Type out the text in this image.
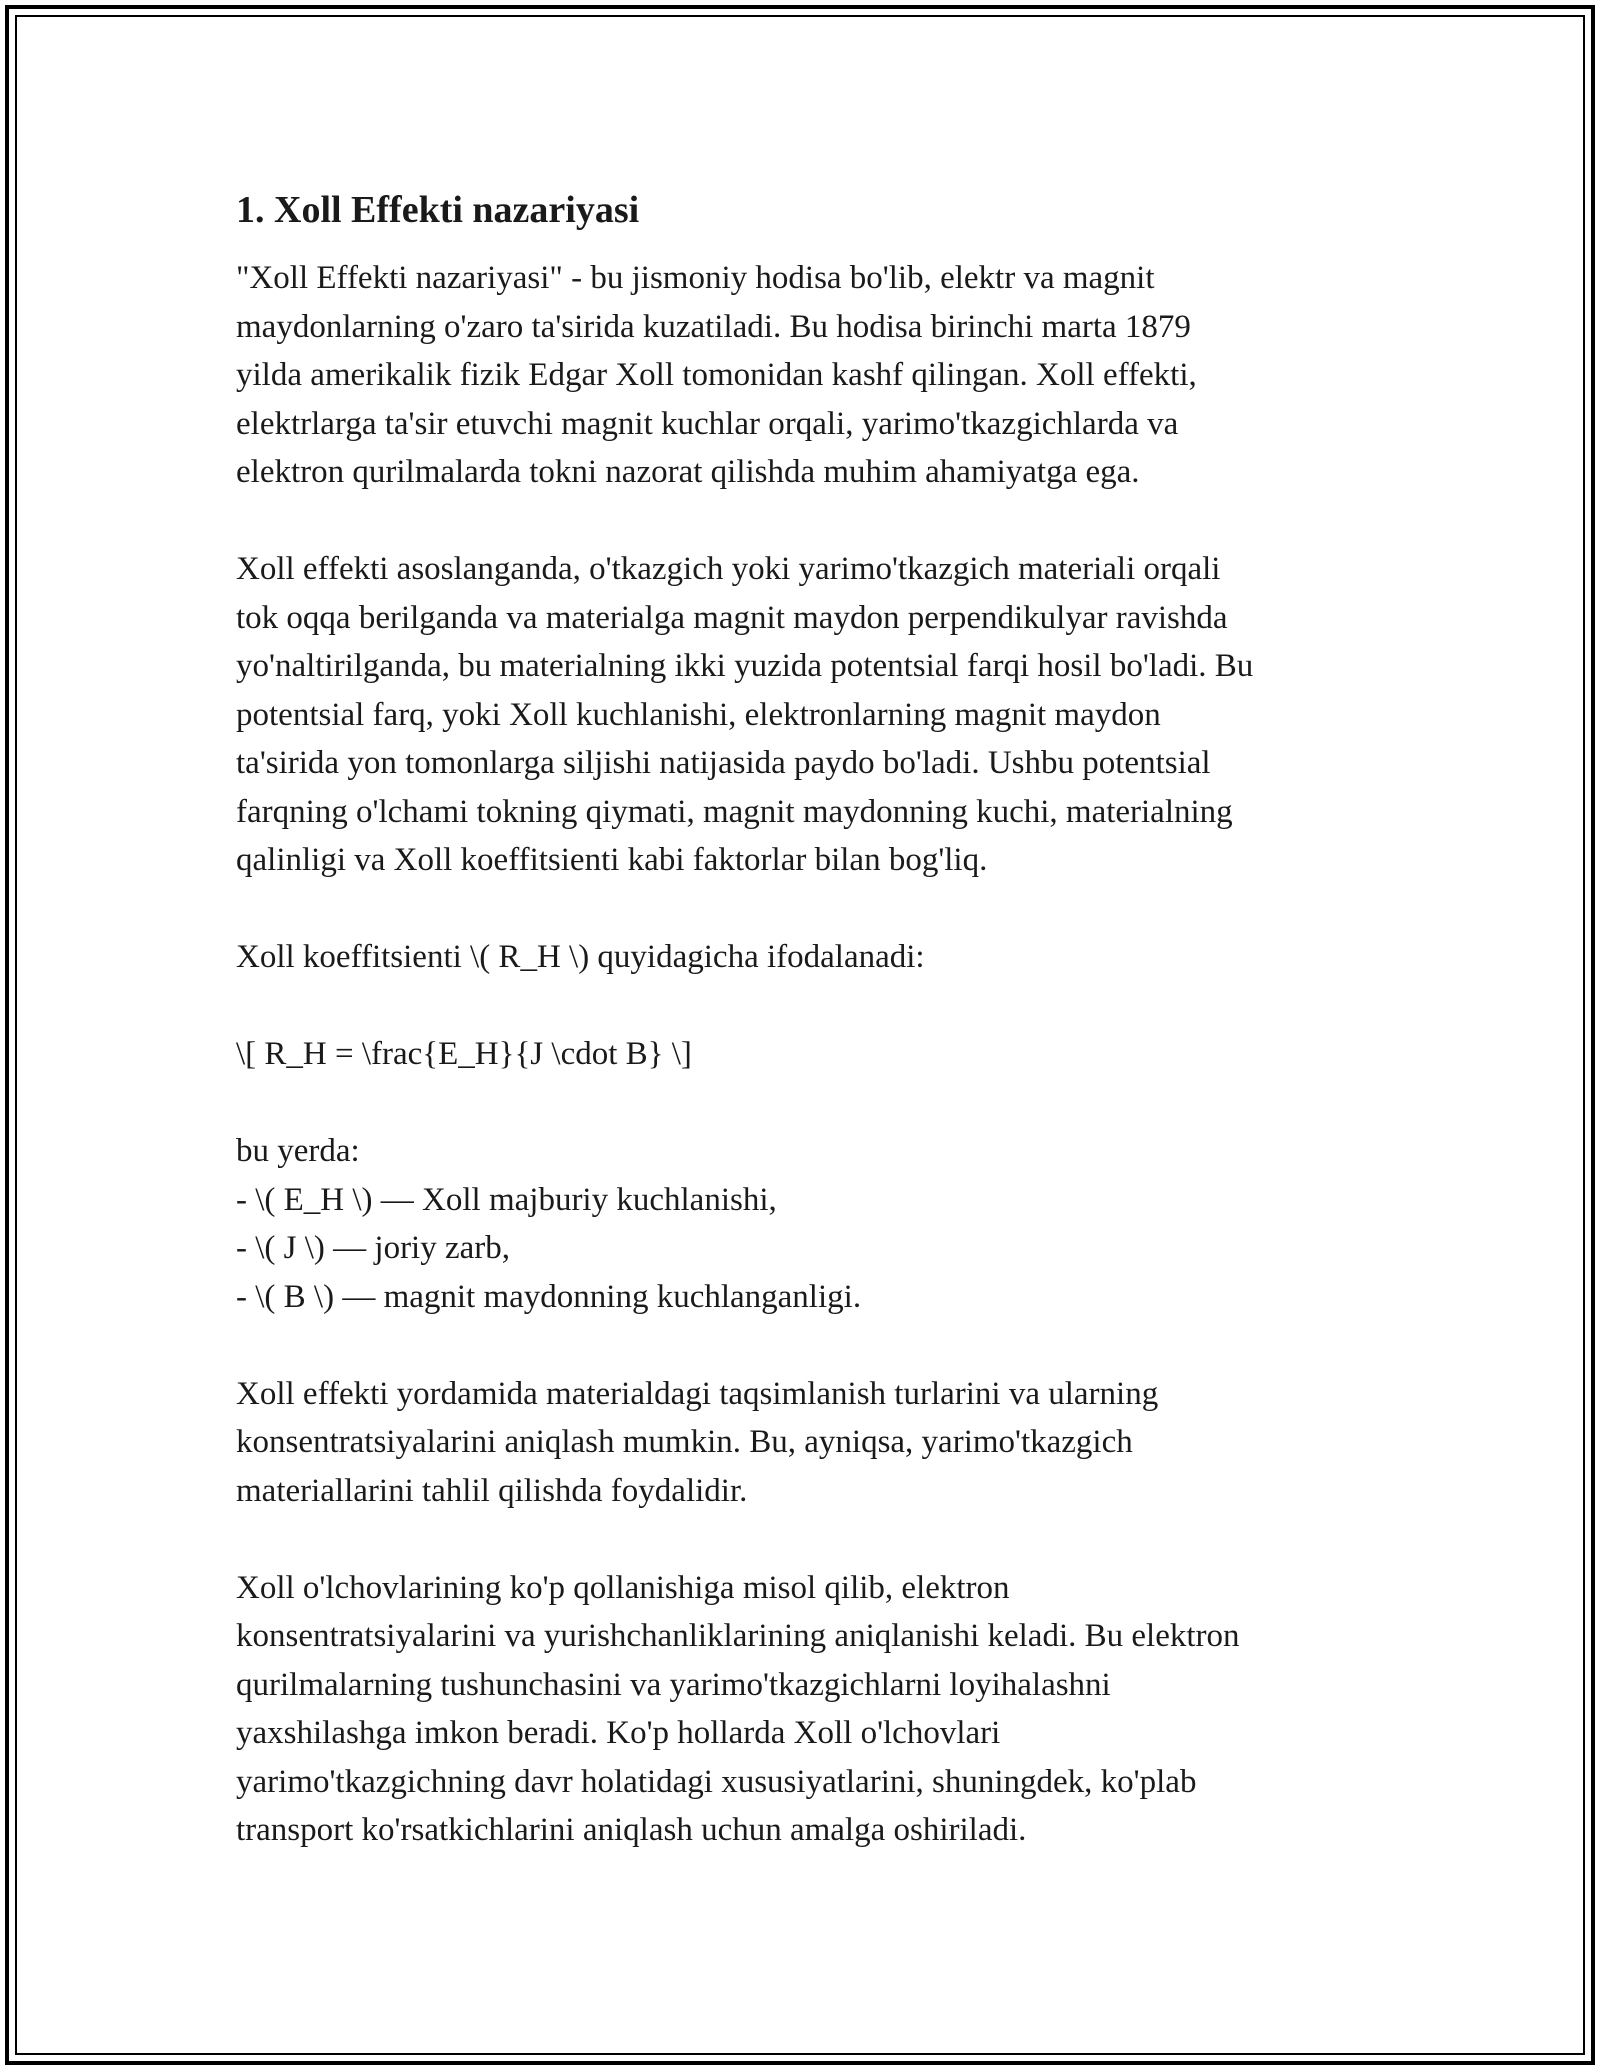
1. Xoll Effekti nazariyasi

"Xoll Effekti nazariyasi" - bu jismoniy hodisa bo'lib, elektr va magnit
maydonlarning o'zaro ta'sirida kuzatiladi. Bu hodisa birinchi marta 1879
yilda amerikalik fizik Edgar Xoll tomonidan kashf qilingan. Xoll effekti,
elektrlarga ta'sir etuvchi magnit kuchlar orqali, yarimo'tkazgichlarda va
elektron qurilmalarda tokni nazorat qilishda muhim ahamiyatga ega.

Xoll effekti asoslanganda, o'tkazgich yoki yarimo'tkazgich materiali orqali
tok oqqa berilganda va materialga magnit maydon perpendikulyar ravishda
yo'naltirilganda, bu materialning ikki yuzida potentsial farqi hosil bo'ladi. Bu
potentsial farq, yoki Xoll kuchlanishi, elektronlarning magnit maydon
ta'sirida yon tomonlarga siljishi natijasida paydo bo'ladi. Ushbu potentsial
farqning o'lchami tokning qiymati, magnit maydonning kuchi, materialning
qalinligi va Xoll koeffitsienti kabi faktorlar bilan bog'liq.

Xoll koeffitsienti \( R_H \) quyidagicha ifodalanadi:

\[ R_H = \frac{E_H}{J \cdot B} \]

bu yerda:
- \( E_H \) — Xoll majburiy kuchlanishi,
- \( J \) — joriy zarb,
- \( B \) — magnit maydonning kuchlanganligi.

Xoll effekti yordamida materialdagi taqsimlanish turlarini va ularning
konsentratsiyalarini aniqlash mumkin. Bu, ayniqsa, yarimo'tkazgich
materiallarini tahlil qilishda foydalidir.

Xoll o'lchovlarining ko'p qollanishiga misol qilib, elektron
konsentratsiyalarini va yurishchanliklarining aniqlanishi keladi. Bu elektron
qurilmalarning tushunchasini va yarimo'tkazgichlarni loyihalashni
yaxshilashga imkon beradi. Ko'p hollarda Xoll o'lchovlari
yarimo'tkazgichning davr holatidagi xususiyatlarini, shuningdek, ko'plab
transport ko'rsatkichlarini aniqlash uchun amalga oshiriladi.
